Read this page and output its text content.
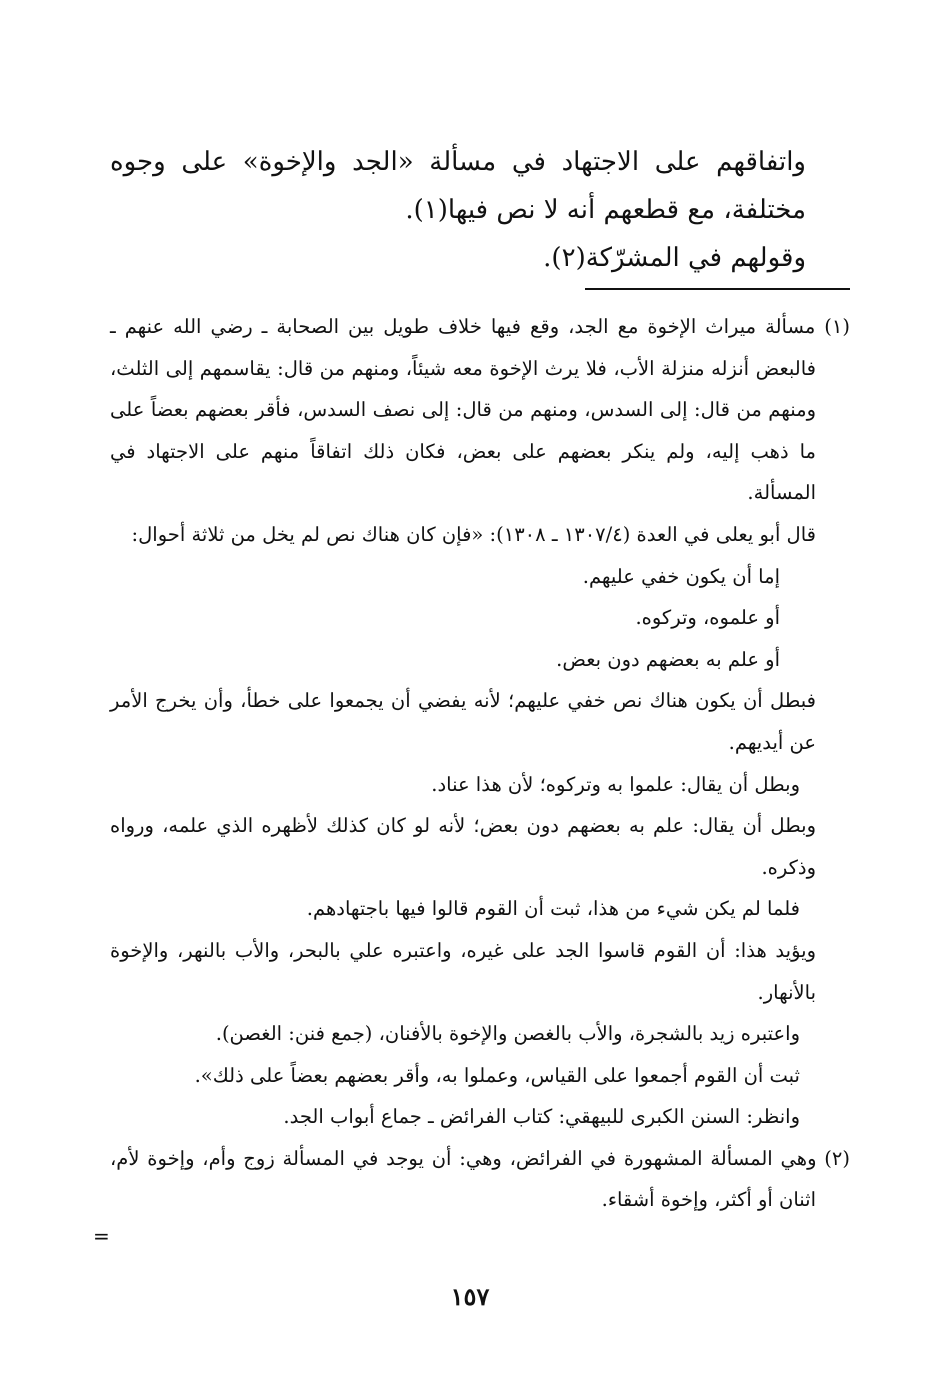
واتفاقهم على الاجتهاد في مسألة «الجد والإخوة» على وجوه مختلفة، مع قطعهم أنه لا نص فيها(١).

وقولهم في المشرّكة(٢).

(١) مسألة ميراث الإخوة مع الجد، وقع فيها خلاف طويل بين الصحابة ـ رضي الله عنهم ـ فالبعض أنزله منزلة الأب، فلا يرث الإخوة معه شيئاً، ومنهم من قال: يقاسمهم إلى الثلث، ومنهم من قال: إلى السدس، ومنهم من قال: إلى نصف السدس، فأقر بعضهم بعضاً على ما ذهب إليه، ولم ينكر بعضهم على بعض، فكان ذلك اتفاقاً منهم على الاجتهاد في المسألة.

قال أبو يعلى في العدة (١٣٠٧/٤ ـ ١٣٠٨): «فإن كان هناك نص لم يخل من ثلاثة أحوال:

إما أن يكون خفي عليهم.

أو علموه، وتركوه.

أو علم به بعضهم دون بعض.

فبطل أن يكون هناك نص خفي عليهم؛ لأنه يفضي أن يجمعوا على خطأ، وأن يخرج الأمر عن أيديهم.

وبطل أن يقال: علموا به وتركوه؛ لأن هذا عناد.

وبطل أن يقال: علم به بعضهم دون بعض؛ لأنه لو كان كذلك لأظهره الذي علمه، ورواه وذكره.

فلما لم يكن شيء من هذا، ثبت أن القوم قالوا فيها باجتهادهم.

ويؤيد هذا: أن القوم قاسوا الجد على غيره، واعتبره علي بالبحر، والأب بالنهر، والإخوة بالأنهار.

واعتبره زيد بالشجرة، والأب بالغصن والإخوة بالأفنان، (جمع فنن: الغصن).

ثبت أن القوم أجمعوا على القياس، وعملوا به، وأقر بعضهم بعضاً على ذلك».

وانظر: السنن الكبرى للبيهقي: كتاب الفرائض ـ جماع أبواب الجد.

(٢) وهي المسألة المشهورة في الفرائض، وهي: أن يوجد في المسألة زوج وأم، وإخوة لأم، اثنان أو أكثر، وإخوة أشقاء.

=
١٥٧
